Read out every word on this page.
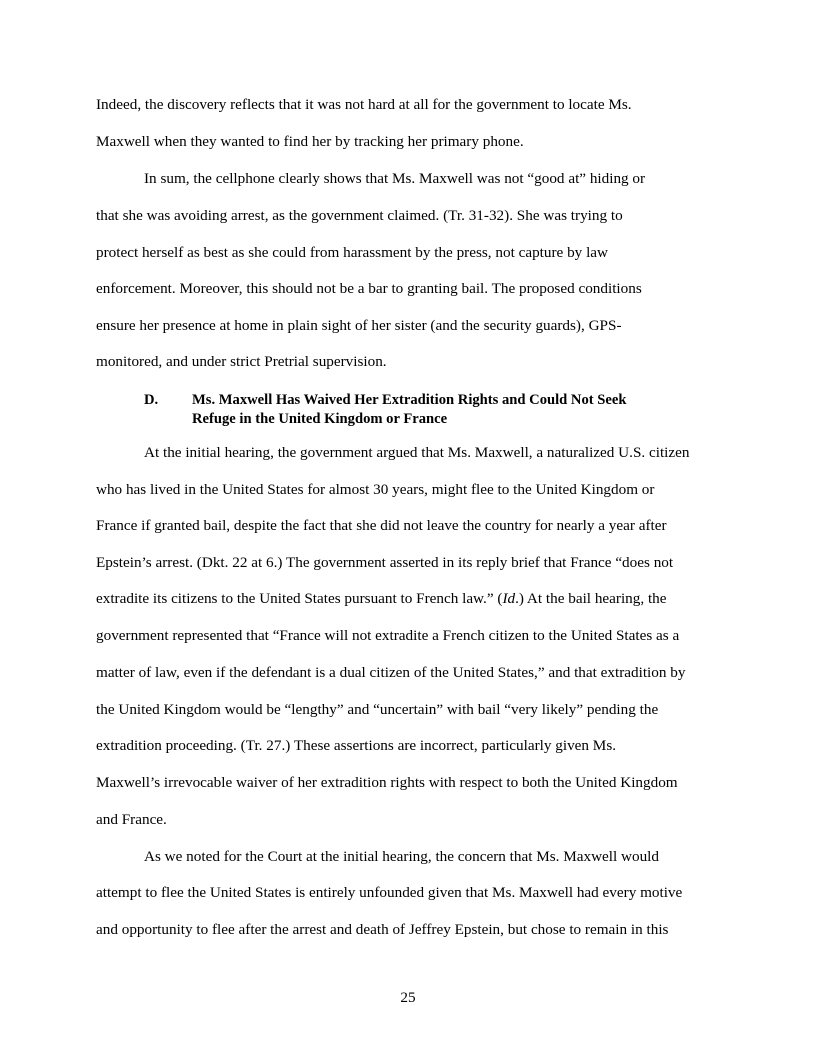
Indeed, the discovery reflects that it was not hard at all for the government to locate Ms.

Maxwell when they wanted to find her by tracking her primary phone.

In sum, the cellphone clearly shows that Ms. Maxwell was not “good at” hiding or

that she was avoiding arrest, as the government claimed. (Tr. 31-32). She was trying to

protect herself as best as she could from harassment by the press, not capture by law

enforcement. Moreover, this should not be a bar to granting bail. The proposed conditions

ensure her presence at home in plain sight of her sister (and the security guards), GPS-

monitored, and under strict Pretrial supervision.

D. Ms. Maxwell Has Waived Her Extradition Rights and Could Not Seek

Refuge in the United Kingdom or France

At the initial hearing, the government argued that Ms. Maxwell, a naturalized U.S. citizen

who has lived in the United States for almost 30 years, might flee to the United Kingdom or

France if granted bail, despite the fact that she did not leave the country for nearly a year after

Epstein’s arrest. (Dkt. 22 at 6.) The government asserted in its reply brief that France “does not

extradite its citizens to the United States pursuant to French law.” (Id.) At the bail hearing, the

government represented that “France will not extradite a French citizen to the United States as a

matter of law, even if the defendant is a dual citizen of the United States,” and that extradition by

the United Kingdom would be “lengthy” and “uncertain” with bail “very likely” pending the

extradition proceeding. (Tr. 27.) These assertions are incorrect, particularly given Ms.

Maxwell’s irrevocable waiver of her extradition rights with respect to both the United Kingdom

and France.

As we noted for the Court at the initial hearing, the concern that Ms. Maxwell would

attempt to flee the United States is entirely unfounded given that Ms. Maxwell had every motive

and opportunity to flee after the arrest and death of Jeffrey Epstein, but chose to remain in this

25
